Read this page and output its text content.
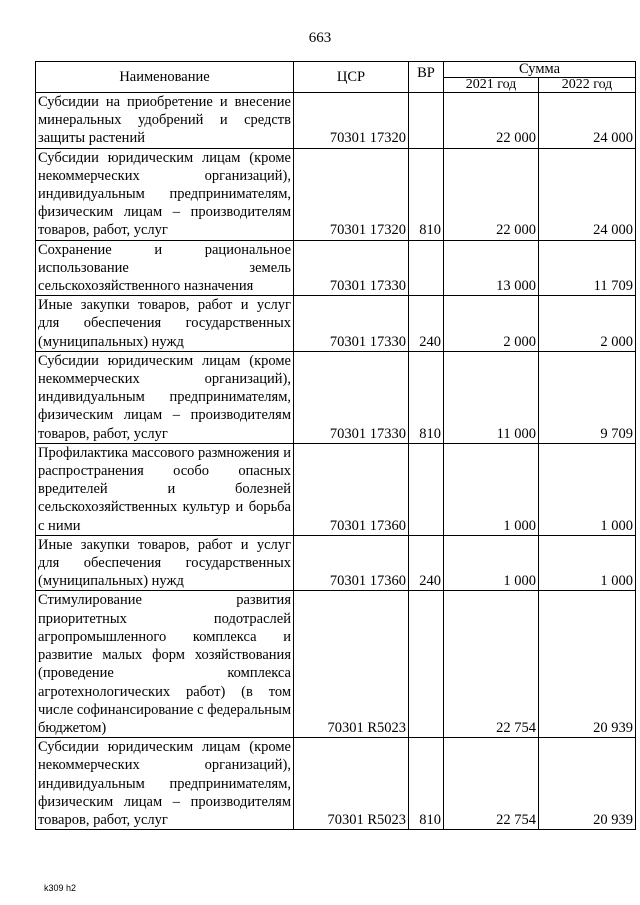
663
Наименование	ЦСР	ВР	Сумма	
			2021 год	2022 год
Субсидии на приобретение и внесение минеральных удобрений и средств защиты растений	70301 17320		22 000	24 000
Субсидии юридическим лицам (кроме некоммерческих организаций), индивидуальным предпринимателям, физическим лицам – производителям товаров, работ, услуг	70301 17320	810	22 000	24 000
Сохранение и рациональное использование земель сельскохозяйственного назначения	70301 17330		13 000	11 709
Иные закупки товаров, работ и услуг для обеспечения государственных (муниципальных) нужд	70301 17330	240	2 000	2 000
Субсидии юридическим лицам (кроме некоммерческих организаций), индивидуальным предпринимателям, физическим лицам – производителям товаров, работ, услуг	70301 17330	810	11 000	9 709
Профилактика массового размножения и распространения особо опасных вредителей и болезней сельскохозяйственных культур и борьба с ними	70301 17360		1 000	1 000
Иные закупки товаров, работ и услуг для обеспечения государственных (муниципальных) нужд	70301 17360	240	1 000	1 000
Стимулирование развития приоритетных подотраслей агропромышленного комплекса и развитие малых форм хозяйствования (проведение комплекса агротехнологических работ) (в том числе софинансирование с федеральным бюджетом)	70301 R5023		22 754	20 939
Субсидии юридическим лицам (кроме некоммерческих организаций), индивидуальным предпринимателям, физическим лицам – производителям товаров, работ, услуг	70301 R5023	810	22 754	20 939
k309 h2
